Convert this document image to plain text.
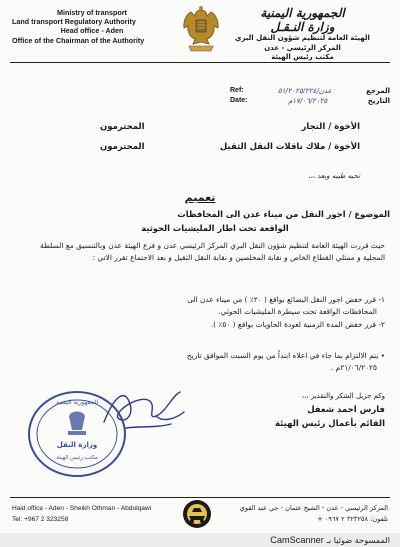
Ministry of transport
Land transport Regulatory Authority
Head office - Aden
Office of the Chairman of the Authority
الجمهورية اليمنية
وزارة النـقـل
الهيئة العامة لتنظيم شؤون النقل البري
المركز الرئيسي - عدن
مكتب رئيس الهيئة
Ref:	عدن/٥١/٢٠٢٥/٢٢٤	المرجع
Date:	١٧/٠٦/٢٠٢٥م	التاريخ
الأخوة / التجار
المحترمون
الأخوة / ملاك ناقلات النقل الثقيل
المحترمون
تحيه طيبه وبعد ،،،
تعميم
الموضوع / اجور النقل من ميناء عدن الى المحافظات
الواقعة تحت اطار المليشيات الحوثية
حيث قررت الهيئة العامة لتنظيم شؤون النقل البري المركز الرئيسي عدن و فرع الهيئة عدن وبالتنسيق مع السلطة المحلية و ممثلي القطاع الخاص و نقابة المخلصين و نقابة النقل الثقيل و بعد الاجتماع تقرر الاتي :
١- قرر خفض اجور النقل البضائع بواقع ( ٢٠٪ ) من ميناء عدن الى
المحافظات الواقعة تحت سيطرة المليشيات الحوثي.
٢- قرر خفض المدة الزمنية لعودة الحاويات بواقع ( ٥٠٪ ).
• يتم الالتزام بما جاء في اعلاه ابتداً من يوم السبت الموافق تاريخ
٢١/٠٦/٢٠٢٥م .
وكم جزيل الشكر والتقدير ،،،
فارس احمد شعفل
القائم بأعمال رئيس الهيئة
الجمهورية اليمنية
وزارة النقل
مكتب رئيس الهيئة
Haid office - Aden - Sheikh Othman - Abdulqawi
Tel: +967 2 323258
المركز الرئيسي - عدن - الشيخ عثمان - حي عبد القوي
تلفون: ٣٢٣٢٥٨ ٢ ٠٩٦٧ +
الممسوحة ضوئيا بـ CamScanner
